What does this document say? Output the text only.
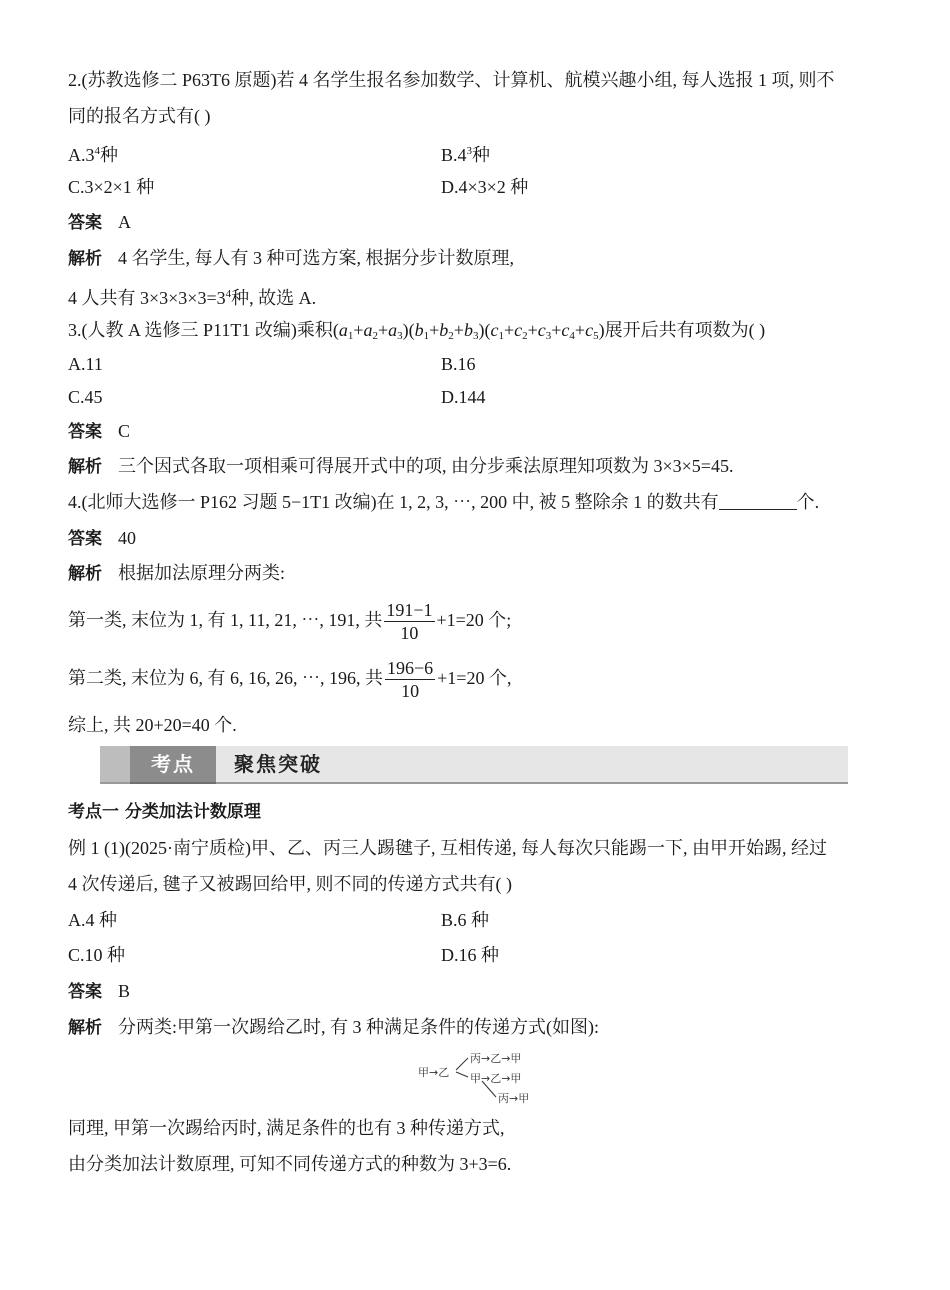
2.(苏教选修二 P63T6 原题)若 4 名学生报名参加数学、计算机、航模兴趣小组, 每人选报 1 项, 则不
同的报名方式有( )
$A.3^4$种	$B.4^3$种
C.3×2×1 种	D.4×3×2 种
答案 A
解析 4 名学生, 每人有 3 种可选方案, 根据分步计数原理,
4 人共有 $3\times 3\times 3\times 3=3^4$种, 故选 A.
3.(人教 A 选修三 P11T1 改编)乘积$(a_1+a_2+a_3)(b_1+b_2+b_3)(c_1+c_2+c_3+c_4+c_5)$展开后共有项数为( )
A.11	B.16
C.45	D.144
答案 C
解析 三个因式各取一项相乘可得展开式中的项, 由分步乘法原理知项数为 3×3×5=45.
4.(北师大选修一 P162 习题 5−1T1 改编)在 1, 2, 3, ⋯, 200 中, 被 5 整除余 1 的数共有	个.
答案 40
解析 根据加法原理分两类:
第一类, 末位为 1, 有 1, 11, 21, ⋯, 191, 共 $\frac{191-1}{10} +1=20$ 个;
第二类, 末位为 6, 有 6, 16, 26, ⋯, 196, 共 $\frac{196-6}{10} +1=20$ 个,
综上, 共 20+20=40 个.
考点	聚焦突破
考点一 分类加法计数原理
例 1 (1)(2025·南宁质检)甲、乙、丙三人踢毽子, 互相传递, 每人每次只能踢一下, 由甲开始踢, 经过
4 次传递后, 毽子又被踢回给甲, 则不同的传递方式共有( )
A.4 种	B.6 种
C.10 种	D.16 种
答案 B
解析 分两类:甲第一次踢给乙时, 有 3 种满足条件的传递方式(如图):
同理, 甲第一次踢给丙时, 满足条件的也有 3 种传递方式,
由分类加法计数原理, 可知不同传递方式的种数为 3+3=6.
甲→乙
丙→乙→甲
甲→乙→甲
丙→甲
